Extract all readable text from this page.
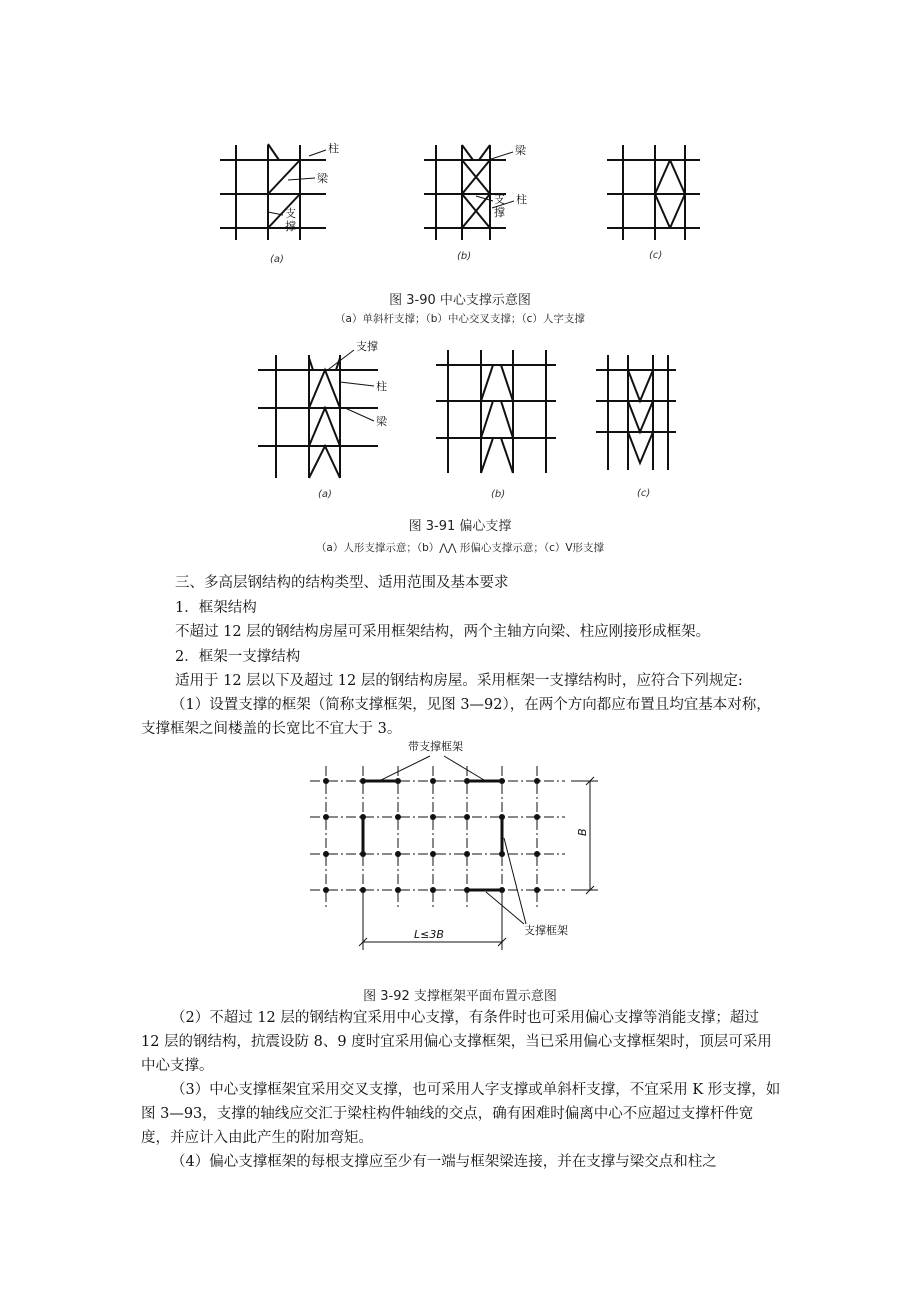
柱
梁
支
撑
梁
支
撑
柱
(a)	(b)	(c)
图 3-90 中心支撑示意图
（a）单斜杆支撑；（b）中心交叉支撑；（c）人字支撑
支撑
柱
梁
(a)	(b)	(c)
图 3-91 偏心支撑
（a）人形支撑示意；（b）⋀⋀ 形偏心支撑示意；（c）V形支撑

三、多高层钢结构的结构类型、适用范围及基本要求

1．框架结构

不超过 12 层的钢结构房屋可采用框架结构，两个主轴方向梁、柱应刚接形成框架。

2．框架一支撑结构

适用于 12 层以下及超过 12 层的钢结构房屋。采用框架一支撑结构时，应符合下列规定:

（1）设置支撑的框架（简称支撑框架，见图 3—92），在两个方向都应布置且均宜基本对称，支撑框架之间楼盖的长宽比不宜大于 3。

带支撑框架
支撑框架
B
L≤3B
图 3-92 支撑框架平面布置示意图

（2）不超过 12 层的钢结构宜采用中心支撑，有条件时也可采用偏心支撑等消能支撑；超过 12 层的钢结构，抗震设防 8、9 度时宜采用偏心支撑框架，当已采用偏心支撑框架时，顶层可采用中心支撑。

（3）中心支撑框架宜采用交叉支撑，也可采用人字支撑或单斜杆支撑，不宜采用 K 形支撑，如图 3—93，支撑的轴线应交汇于梁柱构件轴线的交点，确有困难时偏离中心不应超过支撑杆件宽度，并应计入由此产生的附加弯矩。

（4）偏心支撑框架的每根支撑应至少有一端与框架梁连接，并在支撑与梁交点和柱之
